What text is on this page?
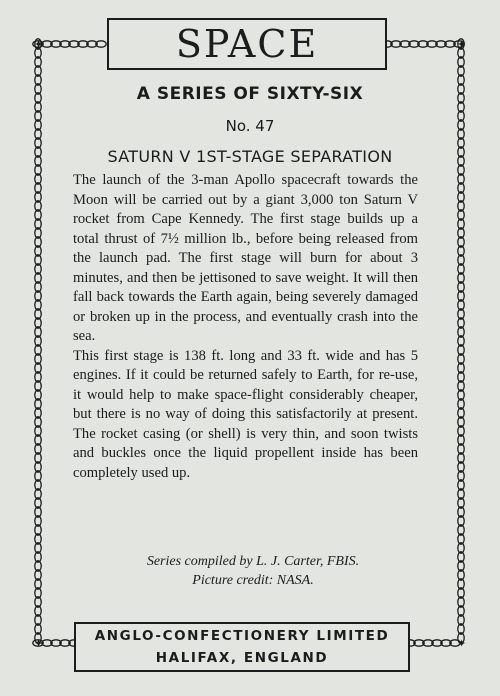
✦	✦
✦	✦
SPACE
A SERIES OF SIXTY-SIX
No. 47
SATURN V 1ST-STAGE SEPARATION

The launch of the 3-man Apollo spacecraft towards the Moon will be carried out by a giant 3,000 ton Saturn V rocket from Cape Kennedy. The first stage builds up a total thrust of 7½ million lb., before being released from the launch pad. The first stage will burn for about 3 minutes, and then be jettisoned to save weight. It will then fall back towards the Earth again, being severely damaged or broken up in the process, and eventually crash into the sea.

This first stage is 138 ft. long and 33 ft. wide and has 5 engines. If it could be returned safely to Earth, for re-use, it would help to make space-flight considerably cheaper, but there is no way of doing this satisfactorily at present. The rocket casing (or shell) is very thin, and soon twists and buckles once the liquid propellent inside has been completely used up.

Series compiled by L. J. Carter, FBIS.
Picture credit: NASA.
ANGLO-CONFECTIONERY LIMITED
HALIFAX, ENGLAND
